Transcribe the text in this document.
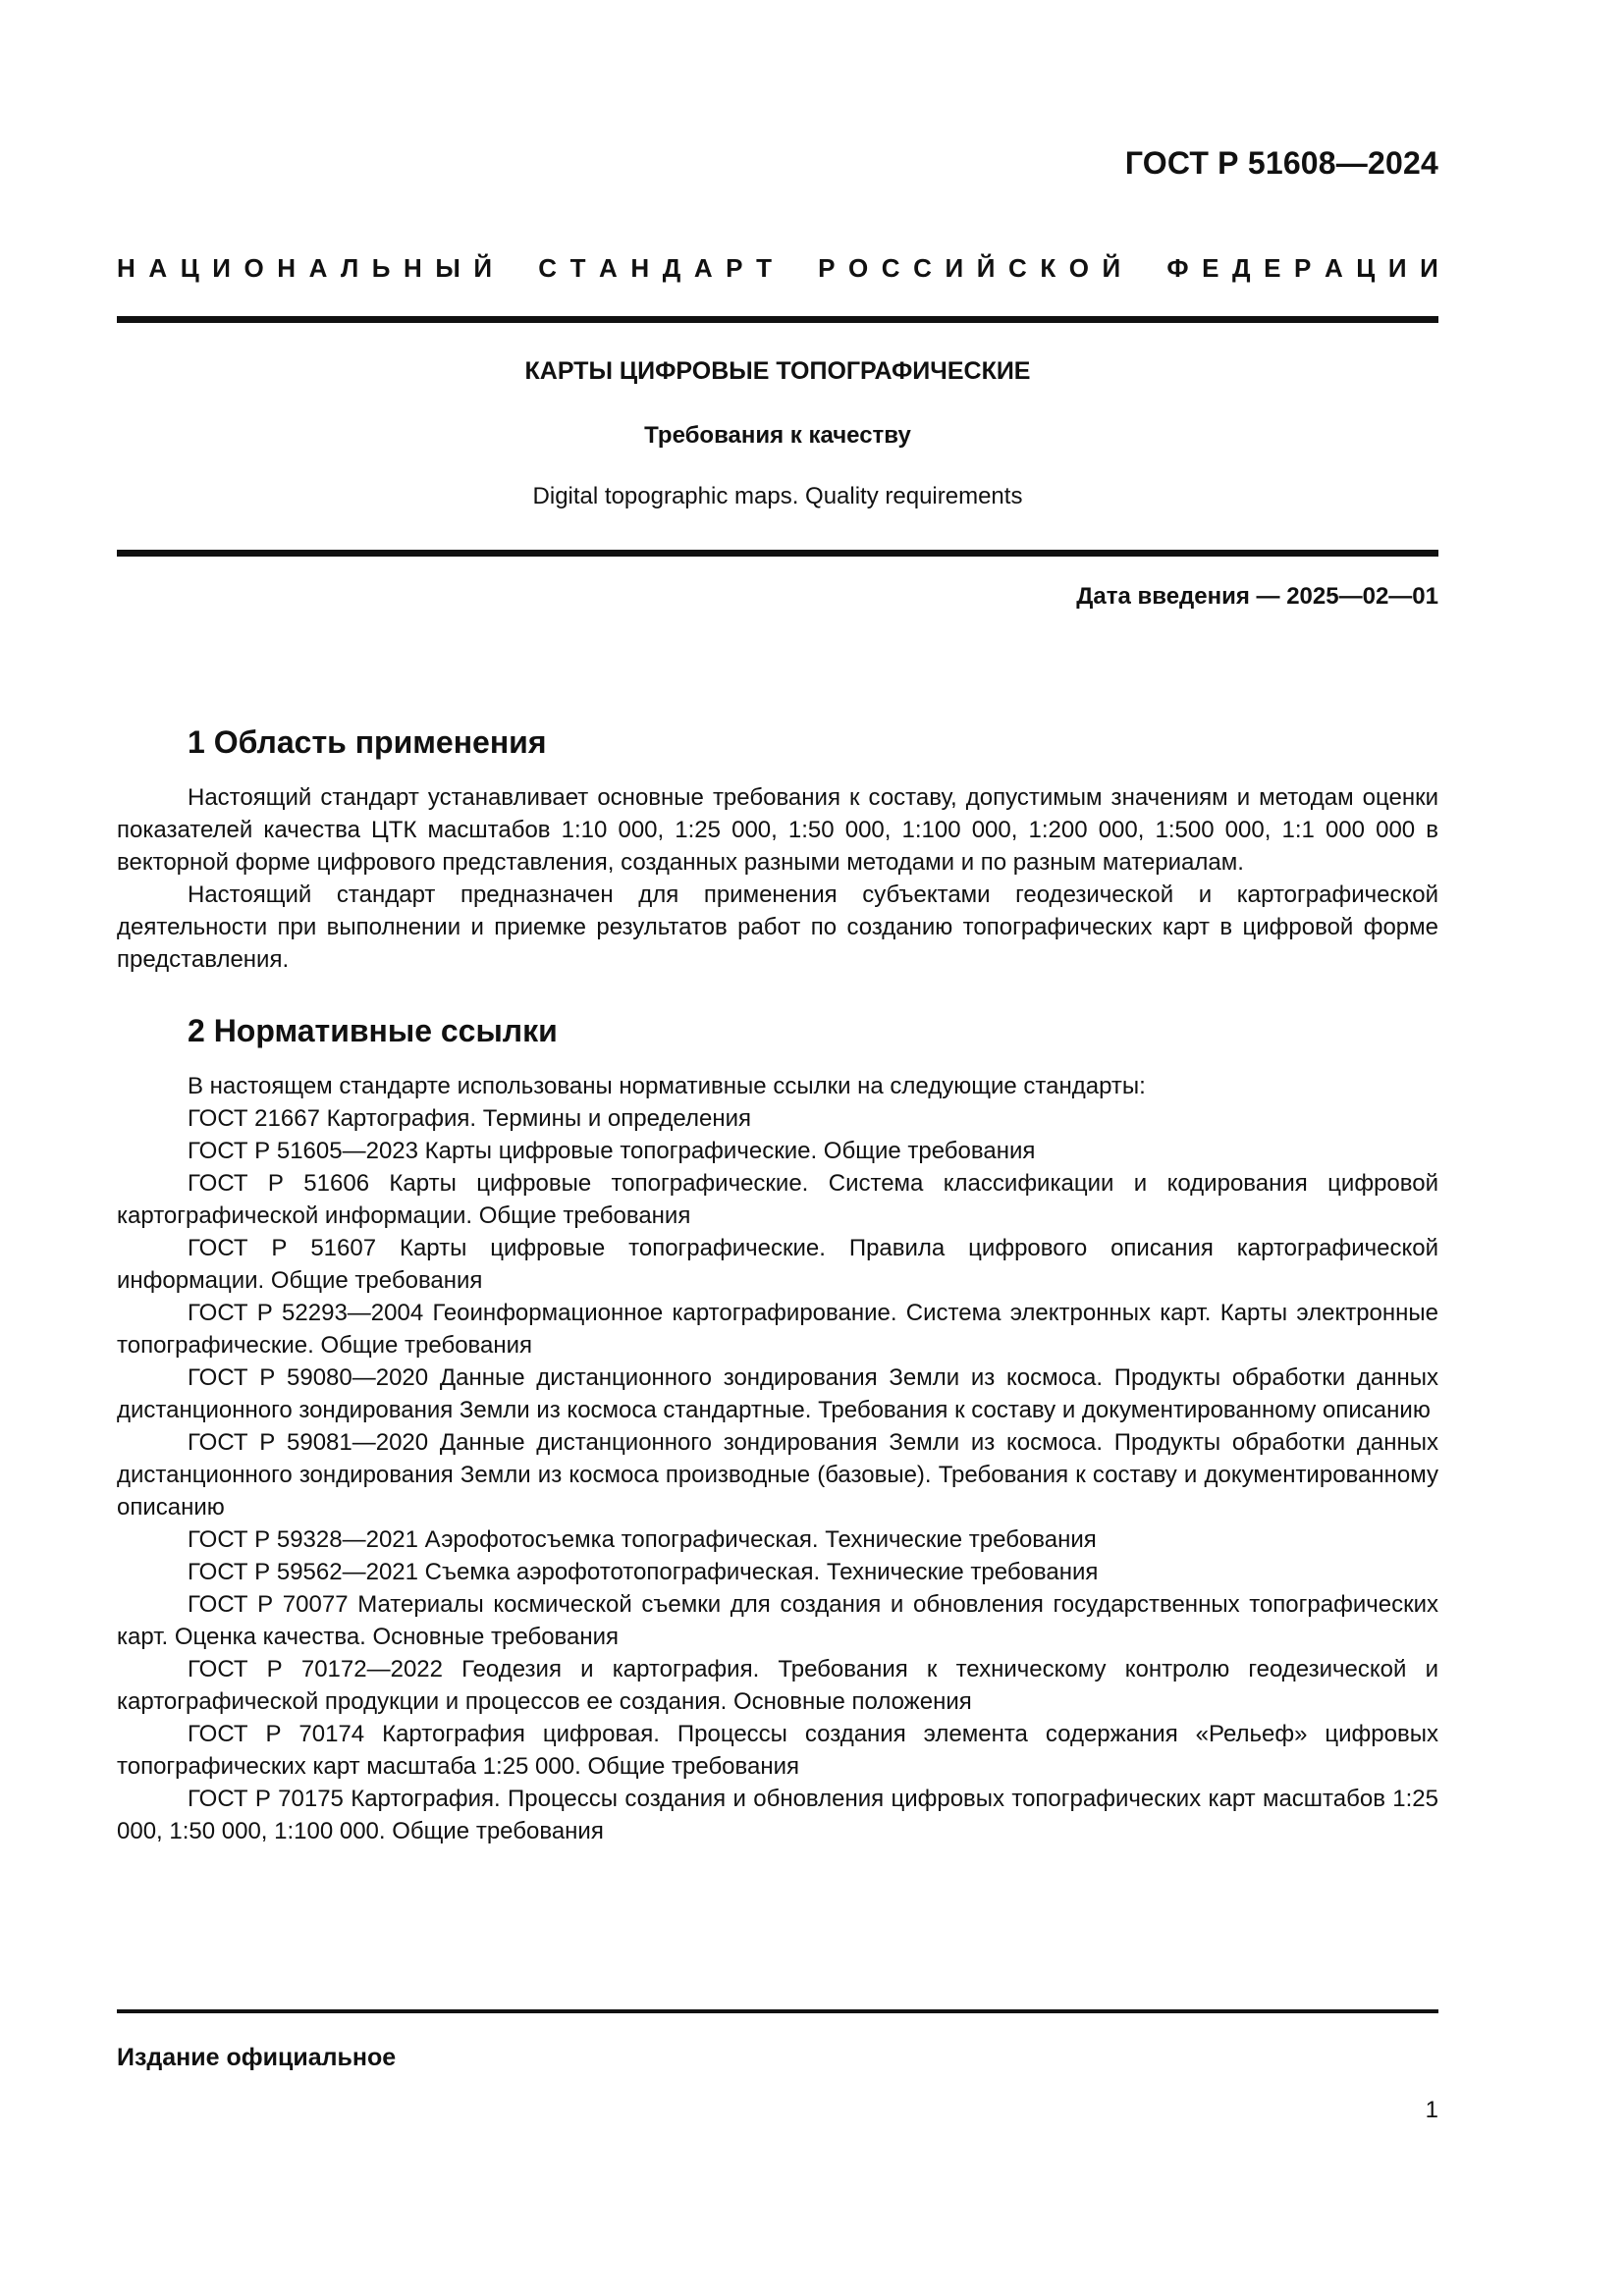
ГОСТ Р 51608—2024
Н А Ц И О Н А Л Ь Н Ы Й С Т А Н Д А Р Т Р О С С И Й С К О Й Ф Е Д Е Р А Ц И И
КАРТЫ ЦИФРОВЫЕ ТОПОГРАФИЧЕСКИЕ
Требования к качеству
Digital topographic maps. Quality requirements
Дата введения — 2025—02—01
1 Область применения

Настоящий стандарт устанавливает основные требования к составу, допустимым значениям и методам оценки показателей качества ЦТК масштабов 1:10 000, 1:25 000, 1:50 000, 1:100 000, 1:200 000, 1:500 000, 1:1 000 000 в векторной форме цифрового представления, созданных разными методами и по разным материалам.

Настоящий стандарт предназначен для применения субъектами геодезической и картографической деятельности при выполнении и приемке результатов работ по созданию топографических карт в цифровой форме представления.

2 Нормативные ссылки

В настоящем стандарте использованы нормативные ссылки на следующие стандарты:

ГОСТ 21667 Картография. Термины и определения

ГОСТ Р 51605—2023 Карты цифровые топографические. Общие требования

ГОСТ Р 51606 Карты цифровые топографические. Система классификации и кодирования цифровой картографической информации. Общие требования

ГОСТ Р 51607 Карты цифровые топографические. Правила цифрового описания картографической информации. Общие требования

ГОСТ Р 52293—2004 Геоинформационное картографирование. Система электронных карт. Карты электронные топографические. Общие требования

ГОСТ Р 59080—2020 Данные дистанционного зондирования Земли из космоса. Продукты обработки данных дистанционного зондирования Земли из космоса стандартные. Требования к составу и документированному описанию

ГОСТ Р 59081—2020 Данные дистанционного зондирования Земли из космоса. Продукты обработки данных дистанционного зондирования Земли из космоса производные (базовые). Требования к составу и документированному описанию

ГОСТ Р 59328—2021 Аэрофотосъемка топографическая. Технические требования

ГОСТ Р 59562—2021 Съемка аэрофототопографическая. Технические требования

ГОСТ Р 70077 Материалы космической съемки для создания и обновления государственных топографических карт. Оценка качества. Основные требования

ГОСТ Р 70172—2022 Геодезия и картография. Требования к техническому контролю геодезической и картографической продукции и процессов ее создания. Основные положения

ГОСТ Р 70174 Картография цифровая. Процессы создания элемента содержания «Рельеф» цифровых топографических карт масштаба 1:25 000. Общие требования

ГОСТ Р 70175 Картография. Процессы создания и обновления цифровых топографических карт масштабов 1:25 000, 1:50 000, 1:100 000. Общие требования

Издание официальное
1
